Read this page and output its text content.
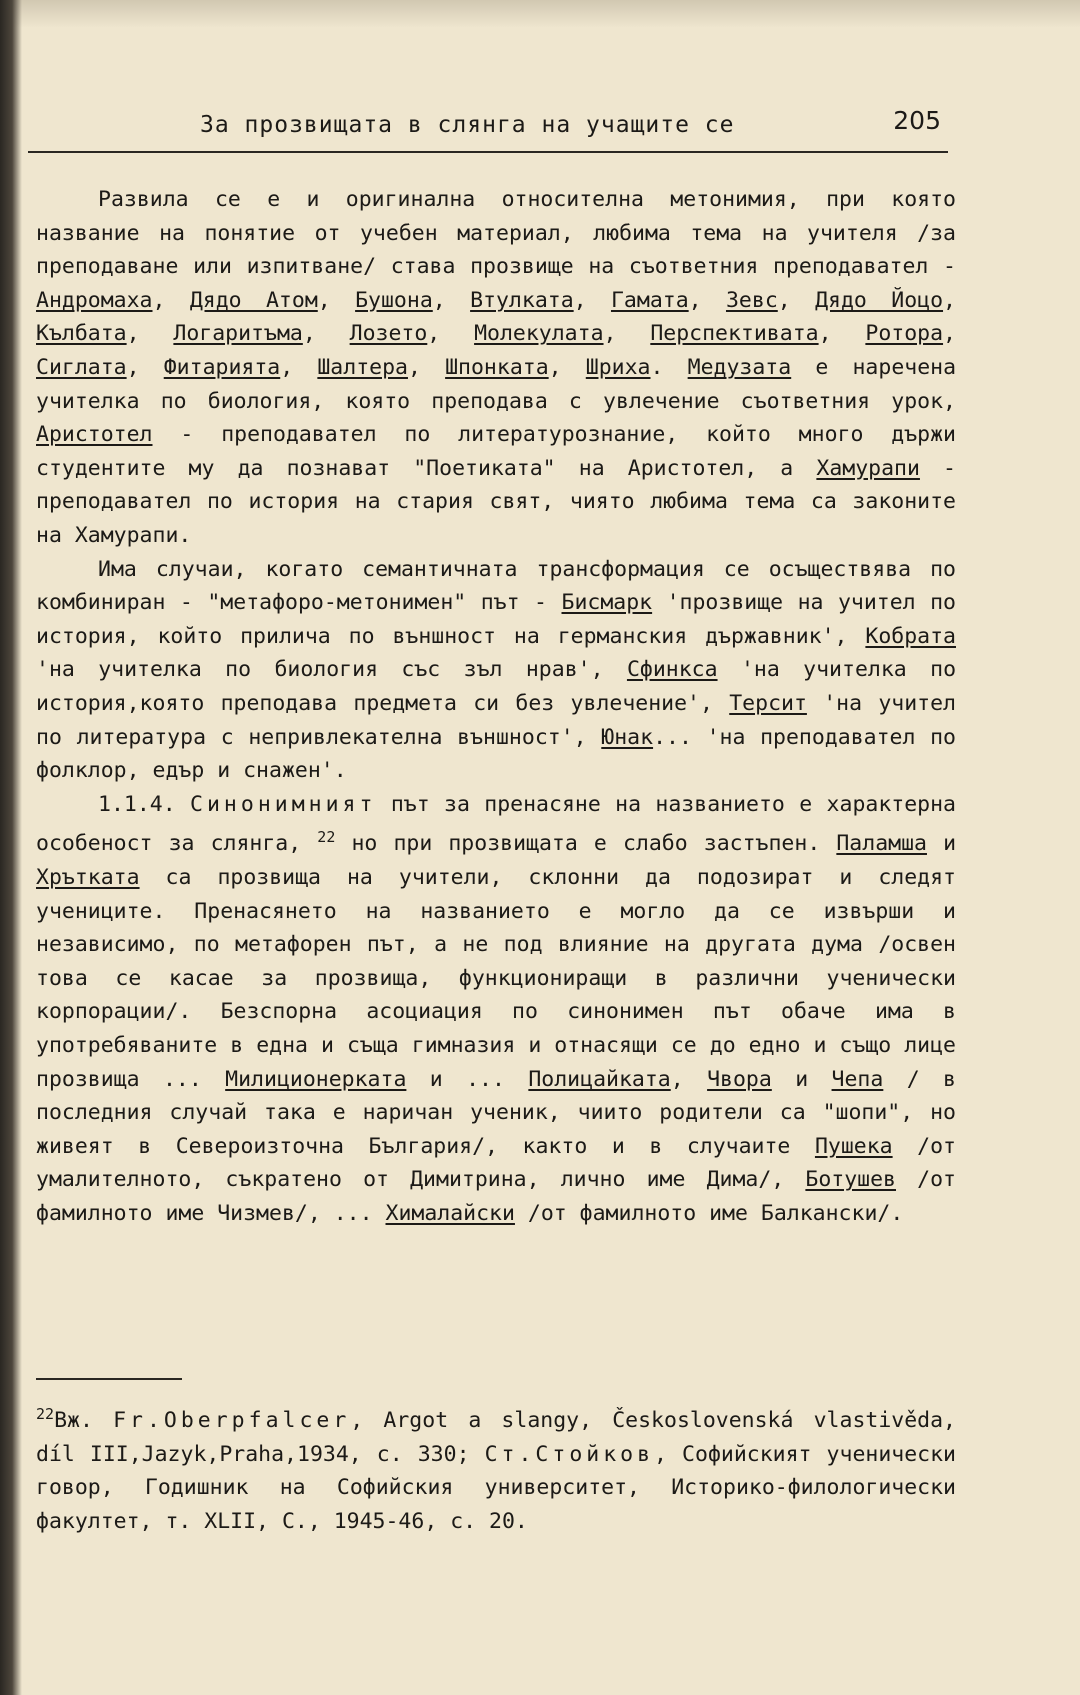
За прозвищата в слянга на учащите се	205

Развила се е и оригинална относителна метонимия, при която название на понятие от учебен материал, любима тема на учителя /за преподаване или изпитване/ става прозвище на съответния преподавател - Андромаха, Дядо Атом, Бушона, Втулката, Гамата, Зевс, Дядо Йоцо, Кълбата, Логаритъма, Лозето, Молекулата, Перспективата, Ротора, Сиглата, Фитарията, Шалтера, Шпонката, Шриха. Медузата е наречена учителка по биология, която преподава с увлечение съответния урок, Аристотел - преподавател по литературознание, който много държи студентите му да познават "Поетиката" на Аристотел, а Хамурапи - преподавател по история на стария свят, чиято любима тема са законите на Хамурапи.

Има случаи, когато семантичната трансформация се осъществява по комбиниран - "метафоро-метонимен" път - Бисмарк 'прозвище на учител по история, който прилича по външност на германския държавник', Кобрата 'на учителка по биология със зъл нрав', Сфинкса 'на учителка по история,която преподава предмета си без увлечение', Терсит 'на учител по литература с непривлекателна външност', Юнак... 'на преподавател по фолклор, едър и снажен'.

1.1.4. Синонимният път за пренасяне на названието е характерна особеност за слянга, $^{22}$ но при прозвищата е слабо застъпен. Паламша и Хрътката са прозвища на учители, склонни да подозират и следят учениците. Пренасянето на названието е могло да се извърши и независимо, по метафорен път, а не под влияние на другата дума /освен това се касае за прозвища, функциониращи в различни ученически корпорации/. Безспорна асоциация по синонимен път обаче има в употребяваните в една и съща гимназия и отнасящи се до едно и също лице прозвища ... Милиционерката и ... Полицайката, Чвора и Чепа / в последния случай така е наричан ученик, чиито родители са "шопи", но живеят в Североизточна България/, както и в случаите Пушека /от умалителното, съкратено от Димитрина, лично име Дима/, Ботушев /от фамилното име Чизмев/, ... Хималайски /от фамилното име Балкански/.

$^{22}$Вж. Fr.Oberpfalcer, Argot a slangy, Československá vlastivěda, díl III,Jazyk,Praha,1934, с. 330; Ст.Стойков, Софийският ученически говор, Годишник на Софийския университет, Историко-филологически факултет, т. XLII, С., 1945-46, с. 20.
